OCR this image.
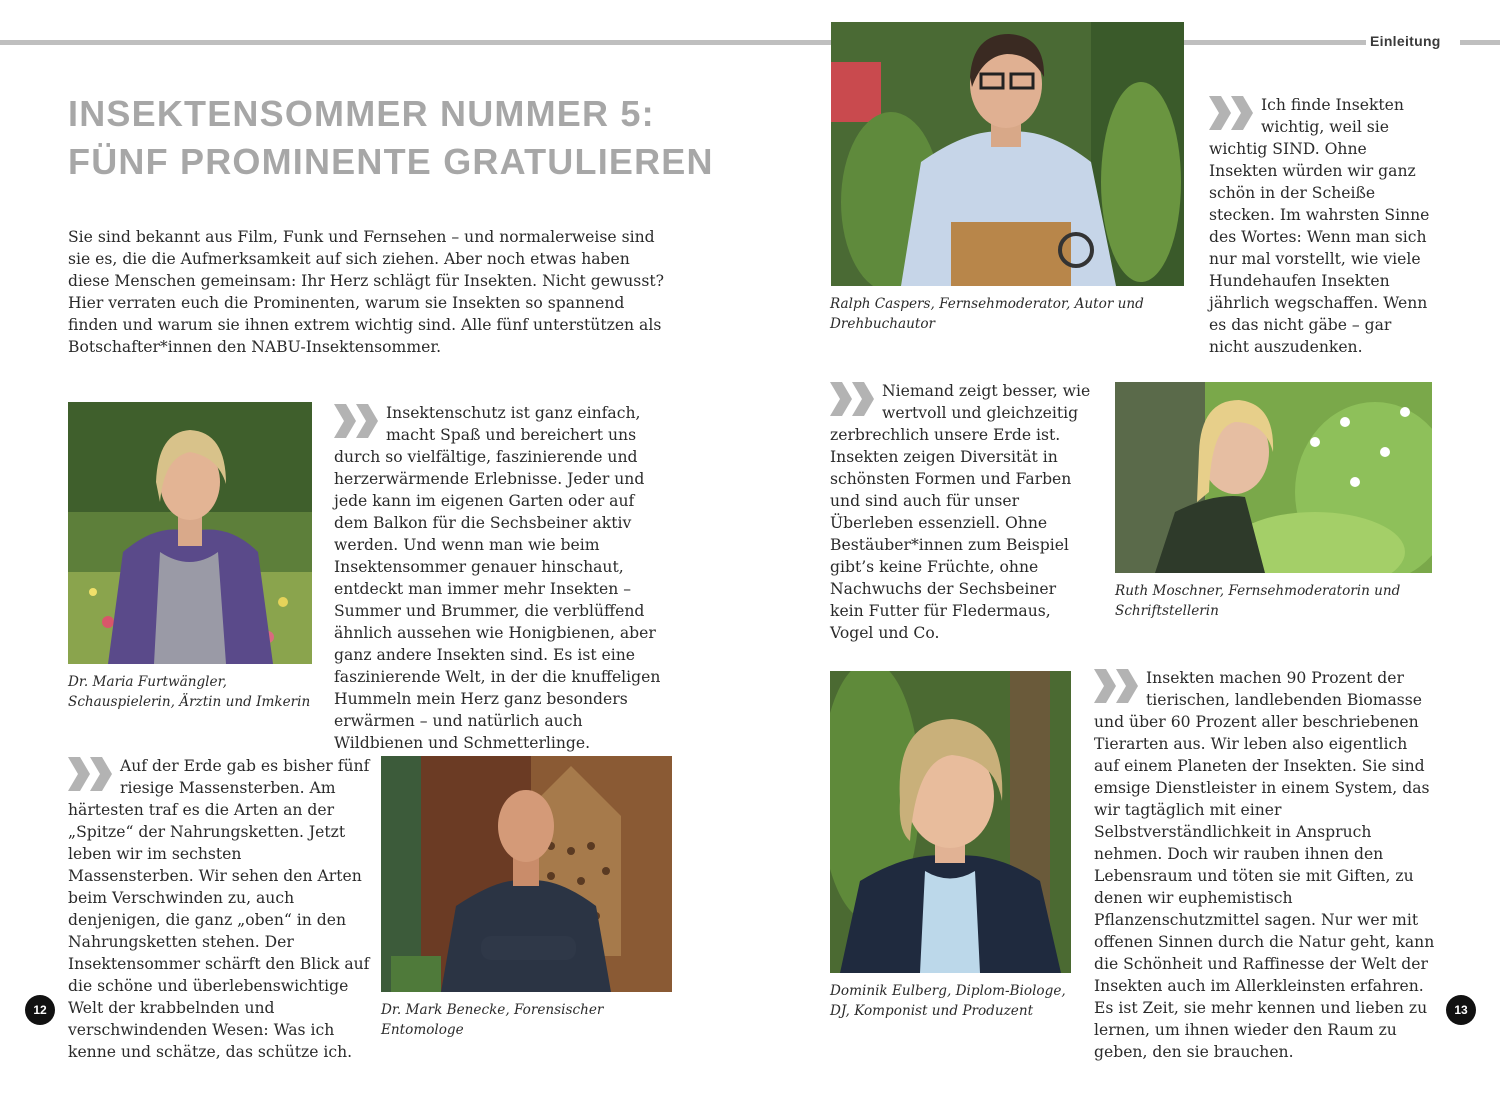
Einleitung
INSEKTENSOMMER NUMMER 5:
FÜNF PROMINENTE GRATULIEREN

Sie sind bekannt aus Film, Funk und Fernsehen – und normalerweise sind sie es, die die Aufmerksamkeit auf sich ziehen. Aber noch etwas haben diese Menschen gemeinsam: Ihr Herz schlägt für Insekten. Nicht gewusst? Hier verraten euch die Prominenten, warum sie Insekten so spannend finden und warum sie ihnen extrem wichtig sind. Alle fünf unterstützen als Botschafter*innen den NABU-Insektensommer.

Dr. Maria Furtwängler, Schauspielerin, Ärztin und Imkerin

Insektenschutz ist ganz einfach, macht Spaß und bereichert uns durch so vielfältige, faszinierende und herzerwärmende Erlebnisse. Jeder und jede kann im eigenen Garten oder auf dem Balkon für die Sechsbeiner aktiv werden. Und wenn man wie beim Insektensommer genauer hinschaut, entdeckt man immer mehr Insekten – Summer und Brummer, die verblüffend ähnlich aussehen wie Honigbienen, aber ganz andere Insekten sind. Es ist eine faszinierende Welt, in der die knuffeligen Hummeln mein Herz ganz besonders erwärmen – und natürlich auch Wildbienen und Schmetterlinge.
Auf der Erde gab es bisher fünf riesige Massensterben. Am härtesten traf es die Arten an der „Spitze“ der Nahrungsketten. Jetzt leben wir im sechsten Massensterben. Wir sehen den Arten beim Verschwinden zu, auch denjenigen, die ganz „oben“ in den Nahrungsketten stehen. Der Insektensommer schärft den Blick auf die schöne und überlebenswichtige Welt der krabbelnden und verschwindenden Wesen: Was ich kenne und schätze, das schütze ich.

Dr. Mark Benecke, Forensischer Entomologe

Ralph Caspers, Fernsehmoderator, Autor und Drehbuchautor

Ich finde Insekten wichtig, weil sie wichtig SIND. Ohne Insekten würden wir ganz schön in der Scheiße stecken. Im wahrsten Sinne des Wortes: Wenn man sich nur mal vorstellt, wie viele Hundehaufen Insekten jährlich wegschaffen. Wenn es das nicht gäbe – gar nicht auszudenken.
Niemand zeigt besser, wie wertvoll und gleichzeitig zerbrechlich unsere Erde ist. Insekten zeigen Diversität in schönsten Formen und Farben und sind auch für unser Überleben essenziell. Ohne Bestäuber*innen zum Beispiel gibt’s keine Früchte, ohne Nachwuchs der Sechsbeiner kein Futter für Fledermaus, Vogel und Co.

Ruth Moschner, Fernsehmoderatorin und Schriftstellerin

Dominik Eulberg, Diplom-Biologe, DJ, Komponist und Produzent

Insekten machen 90 Prozent der tierischen, landlebenden Biomasse und über 60 Prozent aller beschriebenen Tierarten aus. Wir leben also eigentlich auf einem Planeten der Insekten. Sie sind emsige Dienstleister in einem System, das wir tagtäglich mit einer Selbstverständlichkeit in Anspruch nehmen. Doch wir rauben ihnen den Lebensraum und töten sie mit Giften, zu denen wir euphemistisch Pflanzenschutzmittel sagen. Nur wer mit offenen Sinnen durch die Natur geht, kann die Schönheit und Raffinesse der Welt der Insekten auch im Allerkleinsten erfahren. Es ist Zeit, sie mehr kennen und lieben zu lernen, um ihnen wieder den Raum zu geben, den sie brauchen.
12	13
